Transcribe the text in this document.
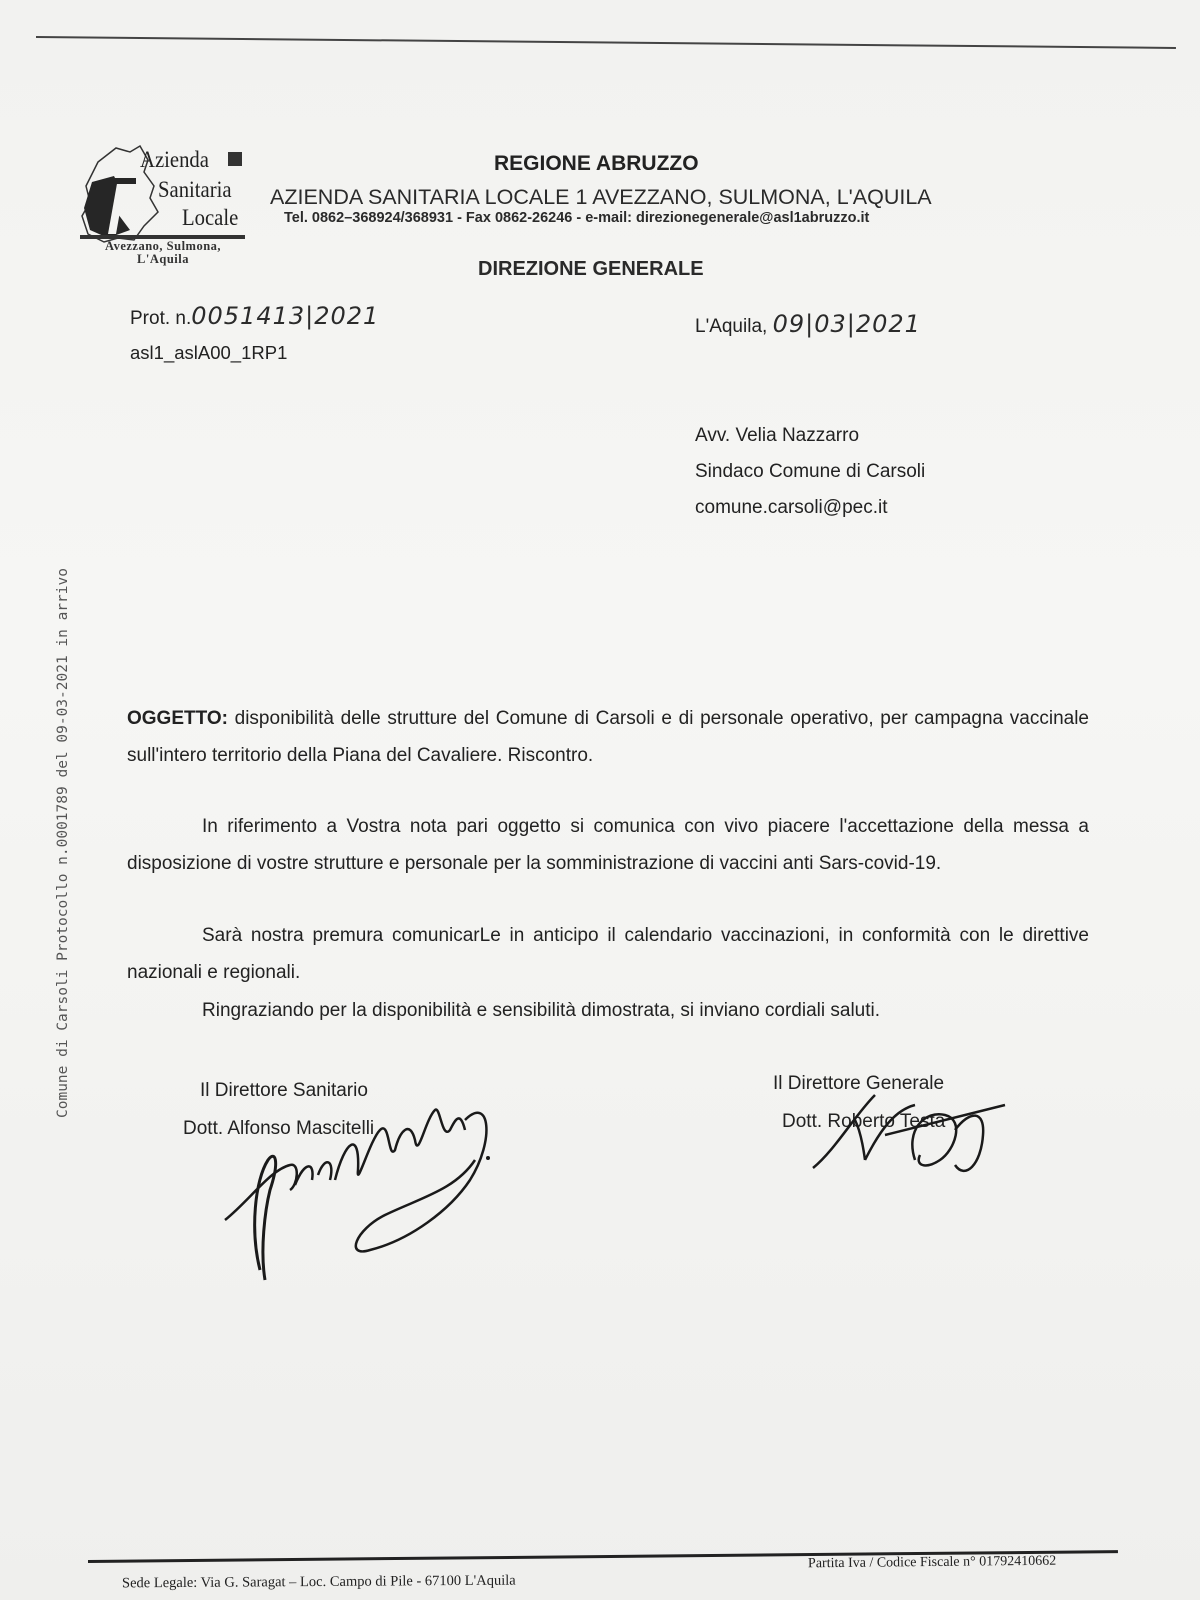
Azienda
Sanitaria
Locale
Avezzano, Sulmona,
L'Aquila
REGIONE ABRUZZO
AZIENDA SANITARIA LOCALE 1 AVEZZANO, SULMONA, L'AQUILA
Tel. 0862–368924/368931 - Fax 0862-26246 - e-mail: direzionegenerale@asl1abruzzo.it
DIREZIONE GENERALE
Prot. n.0051413|2021
asl1_aslA00_1RP1
L'Aquila, 09|03|2021
Avv. Velia Nazzarro
Sindaco Comune di Carsoli
comune.carsoli@pec.it
Comune di Carsoli Protocollo n.0001789 del 09-03-2021 in arrivo	OGGETTO: disponibilità delle strutture del Comune di Carsoli e di personale operativo, per campagna vaccinale sull'intero territorio della Piana del Cavaliere. Riscontro.
In riferimento a Vostra nota pari oggetto si comunica con vivo piacere l'accettazione della messa a disposizione di vostre strutture e personale per la somministrazione di vaccini anti Sars-covid-19.
Sarà nostra premura comunicarLe in anticipo il calendario vaccinazioni, in conformità con le direttive nazionali e regionali.
Ringraziando per la disponibilità e sensibilità dimostrata, si inviano cordiali saluti.
Il Direttore Sanitario
Dott. Alfonso Mascitelli
Il Direttore Generale
Dott. Roberto Testa
Sede Legale: Via G. Saragat – Loc. Campo di Pile - 67100 L'Aquila
Partita Iva / Codice Fiscale n° 01792410662
